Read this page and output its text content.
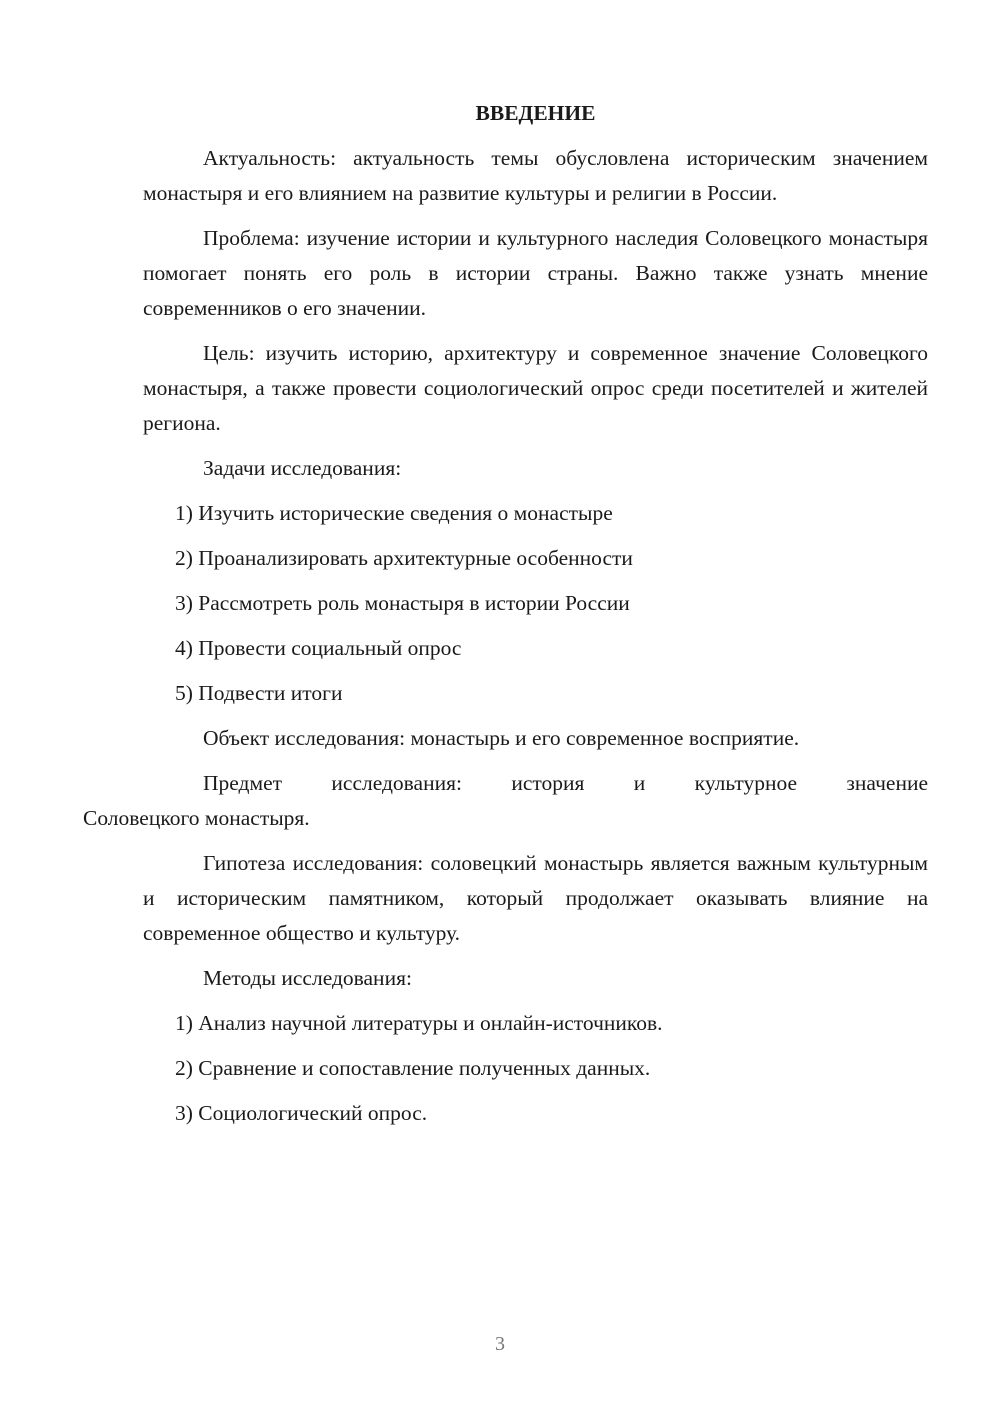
ВВЕДЕНИЕ
Актуальность: актуальность темы обусловлена историческим значением монастыря и его влиянием на развитие культуры и религии в России.
Проблема: изучение истории и культурного наследия Соловецкого монастыря помогает понять его роль в истории страны. Важно также узнать мнение современников о его значении.
Цель: изучить историю, архитектуру и современное значение Соловецкого монастыря, а также провести социологический опрос среди посетителей и жителей региона.
Задачи исследования:
1) Изучить исторические сведения о монастыре
2) Проанализировать архитектурные особенности
3) Рассмотреть роль монастыря в истории России
4) Провести социальный опрос
5) Подвести итоги
Объект исследования: монастырь и его современное восприятие.
Предмет исследования: история и культурное значение
Соловецкого монастыря.
Гипотеза исследования: соловецкий монастырь является важным культурным и историческим памятником, который продолжает оказывать влияние на современное общество и культуру.
Методы исследования:
1) Анализ научной литературы и онлайн-источников.
2) Сравнение и сопоставление полученных данных.
3) Социологический опрос.
3
